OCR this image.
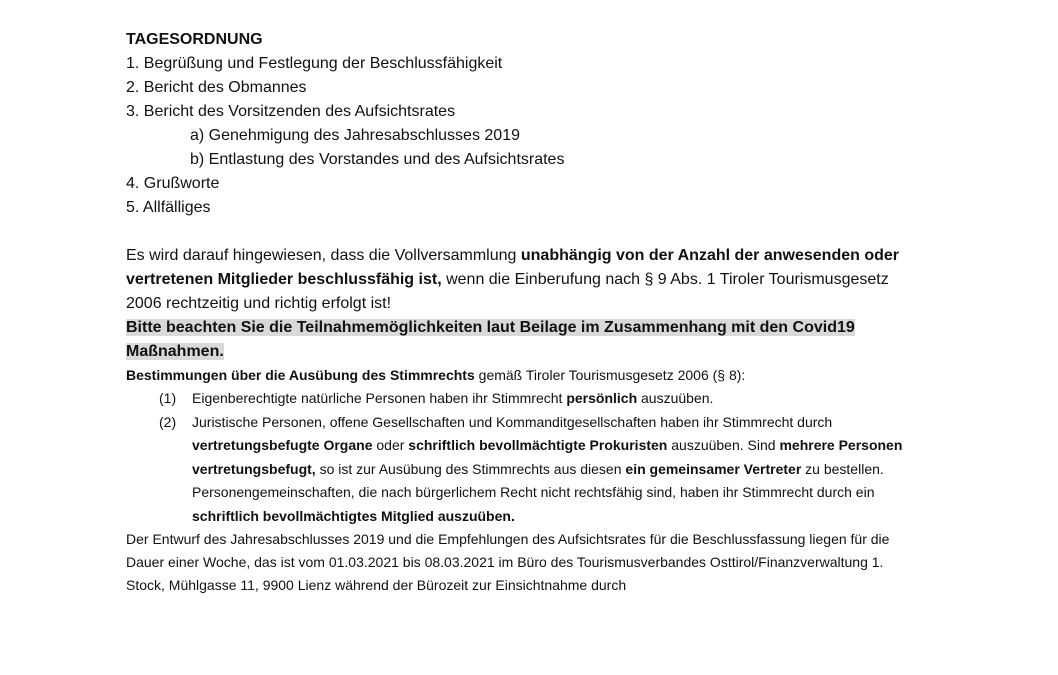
TAGESORDNUNG

1. Begrüßung und Festlegung der Beschlussfähigkeit
2. Bericht des Obmannes
3. Bericht des Vorsitzenden des Aufsichtsrates
a) Genehmigung des Jahresabschlusses 2019
b) Entlastung des Vorstandes und des Aufsichtsrates
4. Grußworte
5. Allfälliges

Es wird darauf hingewiesen, dass die Vollversammlung unabhängig von der Anzahl der anwesenden oder vertretenen Mitglieder beschlussfähig ist, wenn die Einberufung nach § 9 Abs. 1 Tiroler Tourismusgesetz 2006 rechtzeitig und richtig erfolgt ist!

Bitte beachten Sie die Teilnahmemöglichkeiten laut Beilage im Zusammenhang mit den Covid19 Maßnahmen.

Bestimmungen über die Ausübung des Stimmrechts gemäß Tiroler Tourismusgesetz 2006 (§ 8):

(1) Eigenberechtigte natürliche Personen haben ihr Stimmrecht persönlich auszuüben.
(2) Juristische Personen, offene Gesellschaften und Kommanditgesellschaften haben ihr Stimmrecht durch vertretungsbefugte Organe oder schriftlich bevollmächtigte Prokuristen auszuüben. Sind mehrere Personen vertretungsbefugt, so ist zur Ausübung des Stimmrechts aus diesen ein gemeinsamer Vertreter zu bestellen. Personengemeinschaften, die nach bürgerlichem Recht nicht rechtsfähig sind, haben ihr Stimmrecht durch ein schriftlich bevollmächtigtes Mitglied auszuüben.

Der Entwurf des Jahresabschlusses 2019 und die Empfehlungen des Aufsichtsrates für die Beschlussfassung liegen für die Dauer einer Woche, das ist vom 01.03.2021 bis 08.03.2021 im Büro des Tourismusverbandes Osttirol/Finanzverwaltung 1. Stock, Mühlgasse 11, 9900 Lienz während der Bürozeit zur Einsichtnahme durch
